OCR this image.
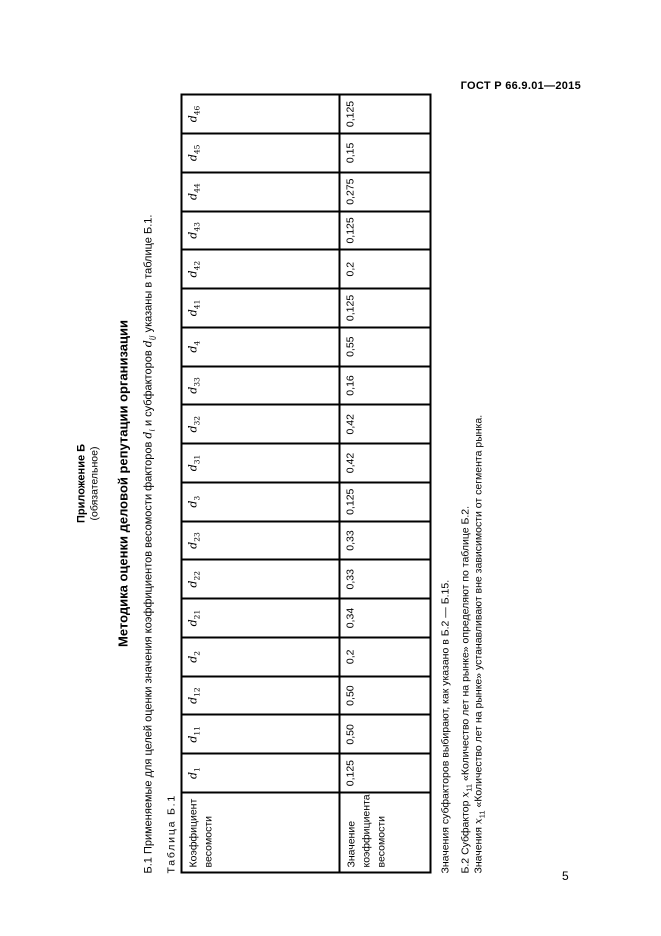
ГОСТ Р 66.9.01—2015
Приложение Б (обязательное) Методика оценки деловой репутации организации Б.1 Применяемые для целей оценки значения коэффициентов весомости факторов $d_i$ и субфакторов $d_{ij}$ указаны в таблице Б.1.

Таблица Б.1 Коэффициент весомости	$d_1$	$d_{11}$	$d_{12}$	$d_2$	$d_{21}$	$d_{22}$	$d_{23}$	$d_3$	$d_{31}$	$d_{32}$	$d_{33}$	$d_4$	$d_{41}$	$d_{42}$	$d_{43}$	$d_{44}$	$d_{45}$	$d_{46}$
Значение коэффициента весомости	0,125	0,50	0,50	0,2	0,34	0,33	0,33	0,125	0,42	0,42	0,16	0,55	0,125	0,2	0,125	0,275	0,15	0,125

Значения субфакторов выбирают, как указано в Б.2 — Б.15. Б.2 Субфактор $x_{11}$ «Количество лет на рынке» определяют по таблице Б.2.

Значения $x_{11}$ «Количество лет на рынке» устанавливают вне зависимости от сегмента рынка.

5
